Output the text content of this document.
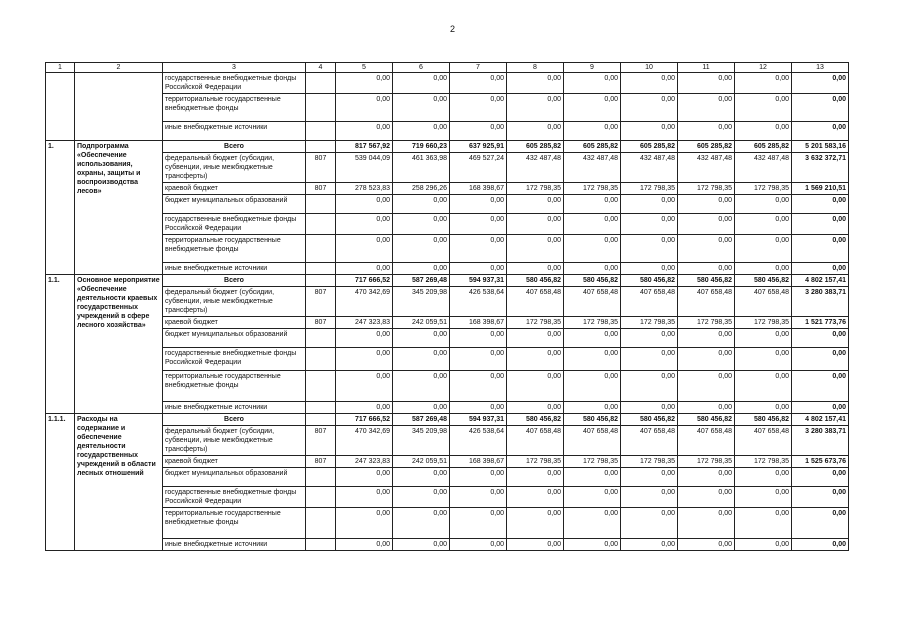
2
1	2	3	4	5	6	7	8	9	10	11	12	13
		государственные внебюджетные фонды Российской Федерации		0,00	0,00	0,00	0,00	0,00	0,00	0,00	0,00	0,00
		территориальные государственные внебюджетные фонды		0,00	0,00	0,00	0,00	0,00	0,00	0,00	0,00	0,00
		иные внебюджетные источники		0,00	0,00	0,00	0,00	0,00	0,00	0,00	0,00	0,00
1.	Подпрограмма «Обеспечение использования, охраны, защиты и воспроизводства лесов»	Всего		817 567,92	719 660,23	637 925,91	605 285,82	605 285,82	605 285,82	605 285,82	605 285,82	5 201 583,16
		федеральный бюджет (субсидии, субвенции, иные межбюджетные трансферты)	807	539 044,09	461 363,98	469 527,24	432 487,48	432 487,48	432 487,48	432 487,48	432 487,48	3 632 372,71
		краевой бюджет	807	278 523,83	258 296,26	168 398,67	172 798,35	172 798,35	172 798,35	172 798,35	172 798,35	1 569 210,51
		бюджет муниципальных образований		0,00	0,00	0,00	0,00	0,00	0,00	0,00	0,00	0,00
		государственные внебюджетные фонды Российской Федерации		0,00	0,00	0,00	0,00	0,00	0,00	0,00	0,00	0,00
		территориальные государственные внебюджетные фонды		0,00	0,00	0,00	0,00	0,00	0,00	0,00	0,00	0,00
		иные внебюджетные источники		0,00	0,00	0,00	0,00	0,00	0,00	0,00	0,00	0,00
1.1.	Основное мероприятие «Обеспечение деятельности краевых государственных учреждений в сфере лесного хозяйства»	Всего		717 666,52	587 269,48	594 937,31	580 456,82	580 456,82	580 456,82	580 456,82	580 456,82	4 802 157,41
		федеральный бюджет (субсидии, субвенции, иные межбюджетные трансферты)	807	470 342,69	345 209,98	426 538,64	407 658,48	407 658,48	407 658,48	407 658,48	407 658,48	3 280 383,71
		краевой бюджет	807	247 323,83	242 059,51	168 398,67	172 798,35	172 798,35	172 798,35	172 798,35	172 798,35	1 521 773,76
		бюджет муниципальных образований		0,00	0,00	0,00	0,00	0,00	0,00	0,00	0,00	0,00
		государственные внебюджетные фонды Российской Федерации		0,00	0,00	0,00	0,00	0,00	0,00	0,00	0,00	0,00
		территориальные государственные внебюджетные фонды		0,00	0,00	0,00	0,00	0,00	0,00	0,00	0,00	0,00
		иные внебюджетные источники		0,00	0,00	0,00	0,00	0,00	0,00	0,00	0,00	0,00
1.1.1.	Расходы на содержание и обеспечение деятельности государственных учреждений в области лесных отношений	Всего		717 666,52	587 269,48	594 937,31	580 456,82	580 456,82	580 456,82	580 456,82	580 456,82	4 802 157,41
		федеральный бюджет (субсидии, субвенции, иные межбюджетные трансферты)	807	470 342,69	345 209,98	426 538,64	407 658,48	407 658,48	407 658,48	407 658,48	407 658,48	3 280 383,71
		краевой бюджет	807	247 323,83	242 059,51	168 398,67	172 798,35	172 798,35	172 798,35	172 798,35	172 798,35	1 525 673,76
		бюджет муниципальных образований		0,00	0,00	0,00	0,00	0,00	0,00	0,00	0,00	0,00
		государственные внебюджетные фонды Российской Федерации		0,00	0,00	0,00	0,00	0,00	0,00	0,00	0,00	0,00
		территориальные государственные внебюджетные фонды		0,00	0,00	0,00	0,00	0,00	0,00	0,00	0,00	0,00
		иные внебюджетные источники		0,00	0,00	0,00	0,00	0,00	0,00	0,00	0,00	0,00
